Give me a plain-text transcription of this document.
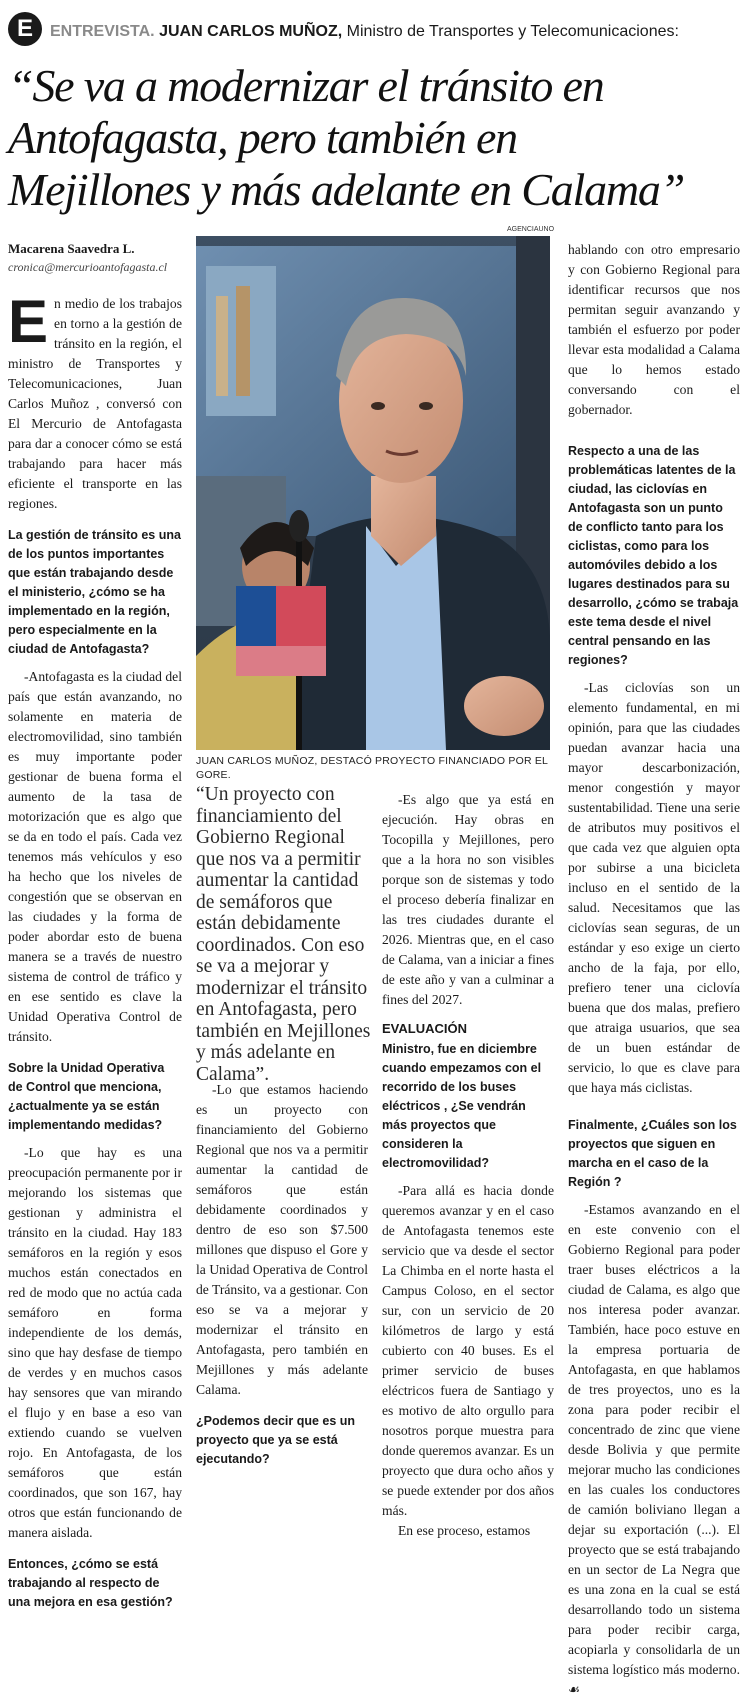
E	ENTREVISTA. JUAN CARLOS MUÑOZ, Ministro de Transportes y Telecomunicaciones:
“Se va a modernizar el tránsito en
Antofagasta, pero también en
Mejillones y más adelante en Calama”
Macarena Saavedra L.
cronica@mercurioantofagasta.cl

En medio de los trabajos en torno a la gestión de tránsito en la región, el ministro de Transportes y Telecomunicaciones, Juan Carlos Muñoz , conversó con El Mercurio de Antofagasta para dar a conocer cómo se está trabajando para hacer más eficiente el transporte en las regiones.

La gestión de tránsito es una de los puntos importantes que están trabajando desde el ministerio, ¿cómo se ha implementado en la región, pero especialmente en la ciudad de Antofagasta?

-Antofagasta es la ciudad del país que están avanzando, no solamente en materia de electromovilidad, sino también es muy importante poder gestionar de buena forma el aumento de la tasa de motorización que es algo que se da en todo el país. Cada vez tenemos más vehículos y eso ha hecho que los niveles de congestión que se observan en las ciudades y la forma de poder abordar esto de buena manera se a través de nuestro sistema de control de tráfico y en ese sentido es clave la Unidad Operativa Control de tránsito.

Sobre la Unidad Operativa de Control que menciona, ¿actualmente ya se están implementando medidas?

-Lo que hay es una preocupación permanente por ir mejorando los sistemas que gestionan y administra el tránsito en la ciudad. Hay 183 semáforos en la región y esos muchos están conectados en red de modo que no actúa cada semáforo en forma independiente de los demás, sino que hay desfase de tiempo de verdes y en muchos casos hay sensores que van mirando el flujo y en base a eso van extiendo cuando se vuelven rojo. En Antofagasta, de los semáforos que están coordinados, que son 167, hay otros que están funcionando de manera aislada.

Entonces, ¿cómo se está trabajando al respecto de una mejora en esa gestión?
AGENCIAUNO
JUAN CARLOS MUÑOZ, DESTACÓ PROYECTO FINANCIADO POR EL GORE.
“Un proyecto con financiamiento del Gobierno Regional que nos va a permitir aumentar la cantidad de semáforos que están debidamente coordinados. Con eso se va a mejorar y modernizar el tránsito en Antofagasta, pero también en Mejillones y más adelante en Calama”.

-Lo que estamos haciendo es un proyecto con financiamiento del Gobierno Regional que nos va a permitir aumentar la cantidad de semáforos que están debidamente coordinados y dentro de eso son $7.500 millones que dispuso el Gore y la Unidad Operativa de Control de Tránsito, va a gestionar. Con eso se va a mejorar y modernizar el tránsito en Antofagasta, pero también en Mejillones y más adelante Calama.

¿Podemos decir que es un proyecto que ya se está ejecutando?

-Es algo que ya está en ejecución. Hay obras en Tocopilla y Mejillones, pero que a la hora no son visibles porque son de sistemas y todo el proceso debería finalizar en las tres ciudades durante el 2026. Mientras que, en el caso de Calama, van a iniciar a fines de este año y van a culminar a fines del 2027.

EVALUACIÓN
Ministro, fue en diciembre cuando empezamos con el recorrido de los buses eléctricos , ¿Se vendrán más proyectos que consideren la electromovilidad?

-Para allá es hacia donde queremos avanzar y en el caso de Antofagasta tenemos este servicio que va desde el sector La Chimba en el norte hasta el Campus Coloso, en el sector sur, con un servicio de 20 kilómetros de largo y está cubierto con 40 buses. Es el primer servicio de buses eléctricos fuera de Santiago y es motivo de alto orgullo para nosotros porque muestra para donde queremos avanzar. Es un proyecto que dura ocho años y se puede extender por dos años más.

En ese proceso, estamos

hablando con otro empresario y con Gobierno Regional para identificar recursos que nos permitan seguir avanzando y también el esfuerzo por poder llevar esta modalidad a Calama que lo hemos estado conversando con el gobernador.

Respecto a una de las problemáticas latentes de la ciudad, las ciclovías en Antofagasta son un punto de conflicto tanto para los ciclistas, como para los automóviles debido a los lugares destinados para su desarrollo, ¿cómo se trabaja este tema desde el nivel central pensando en las regiones?

-Las ciclovías son un elemento fundamental, en mi opinión, para que las ciudades puedan avanzar hacia una mayor descarbonización, menor congestión y mayor sustentabilidad. Tiene una serie de atributos muy positivos el que cada vez que alguien opta por subirse a una bicicleta incluso en el sentido de la salud. Necesitamos que las ciclovías sean seguras, de un estándar y eso exige un cierto ancho de la faja, por ello, prefiero tener una ciclovía buena que dos malas, prefiero que atraiga usuarios, que sea de un buen estándar de servicio, lo que es clave para que haya más ciclistas.

Finalmente, ¿Cuáles son los proyectos que siguen en marcha en el caso de la Región ?

-Estamos avanzando en el en este convenio con el Gobierno Regional para poder traer buses eléctricos a la ciudad de Calama, es algo que nos interesa poder avanzar. También, hace poco estuve en la empresa portuaria de Antofagasta, en que hablamos de tres proyectos, uno es la zona para poder recibir el concentrado de zinc que viene desde Bolivia y que permite mejorar mucho las condiciones en las cuales los conductores de camión boliviano llegan a dejar su exportación (...). El proyecto que se está trabajando en un sector de La Negra que es una zona en la cual se está desarrollando todo un sistema para poder recibir carga, acopiarla y consolidarla de un sistema logístico más moderno. ☙
